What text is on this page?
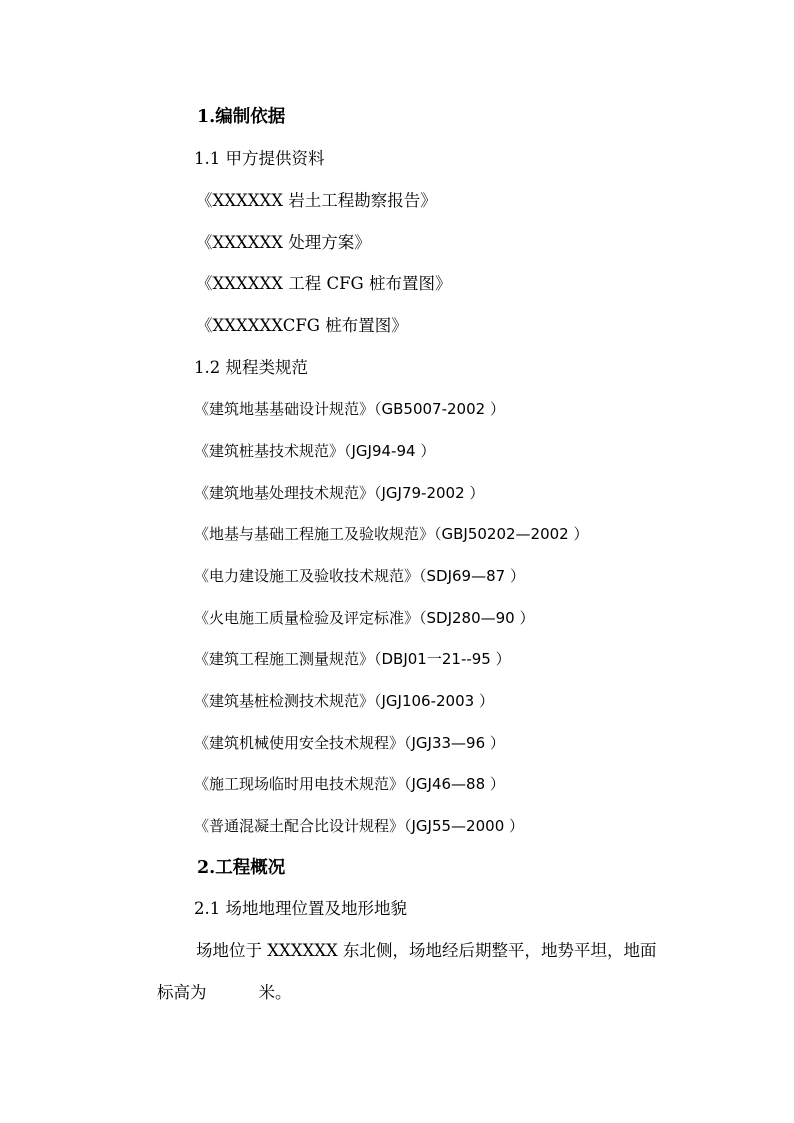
1.编制依据
1.1 甲方提供资料
《XXXXXX 岩土工程勘察报告》
《XXXXXX 处理方案》
《XXXXXX 工程 CFG 桩布置图》
《XXXXXXCFG 桩布置图》
1.2 规程类规范
《建筑地基基础设计规范》（GB5007-2002 ）
《建筑桩基技术规范》（JGJ94-94 ）
《建筑地基处理技术规范》（JGJ79-2002 ）
《地基与基础工程施工及验收规范》（GBJ50202—2002 ）
《电力建设施工及验收技术规范》（SDJ69—87 ）
《火电施工质量检验及评定标准》（SDJ280—90 ）
《建筑工程施工测量规范》（DBJ01一21--95 ）
《建筑基桩检测技术规范》（JGJ106-2003 ）
《建筑机械使用安全技术规程》（JGJ33—96 ）
《施工现场临时用电技术规范》（JGJ46—88 ）
《普通混凝土配合比设计规程》（JGJ55—2000 ）
2.工程概况
2.1 场地地理位置及地形地貌
场地位于 XXXXXX 东北侧，场地经后期整平，地势平坦，地面
标高为	米。
